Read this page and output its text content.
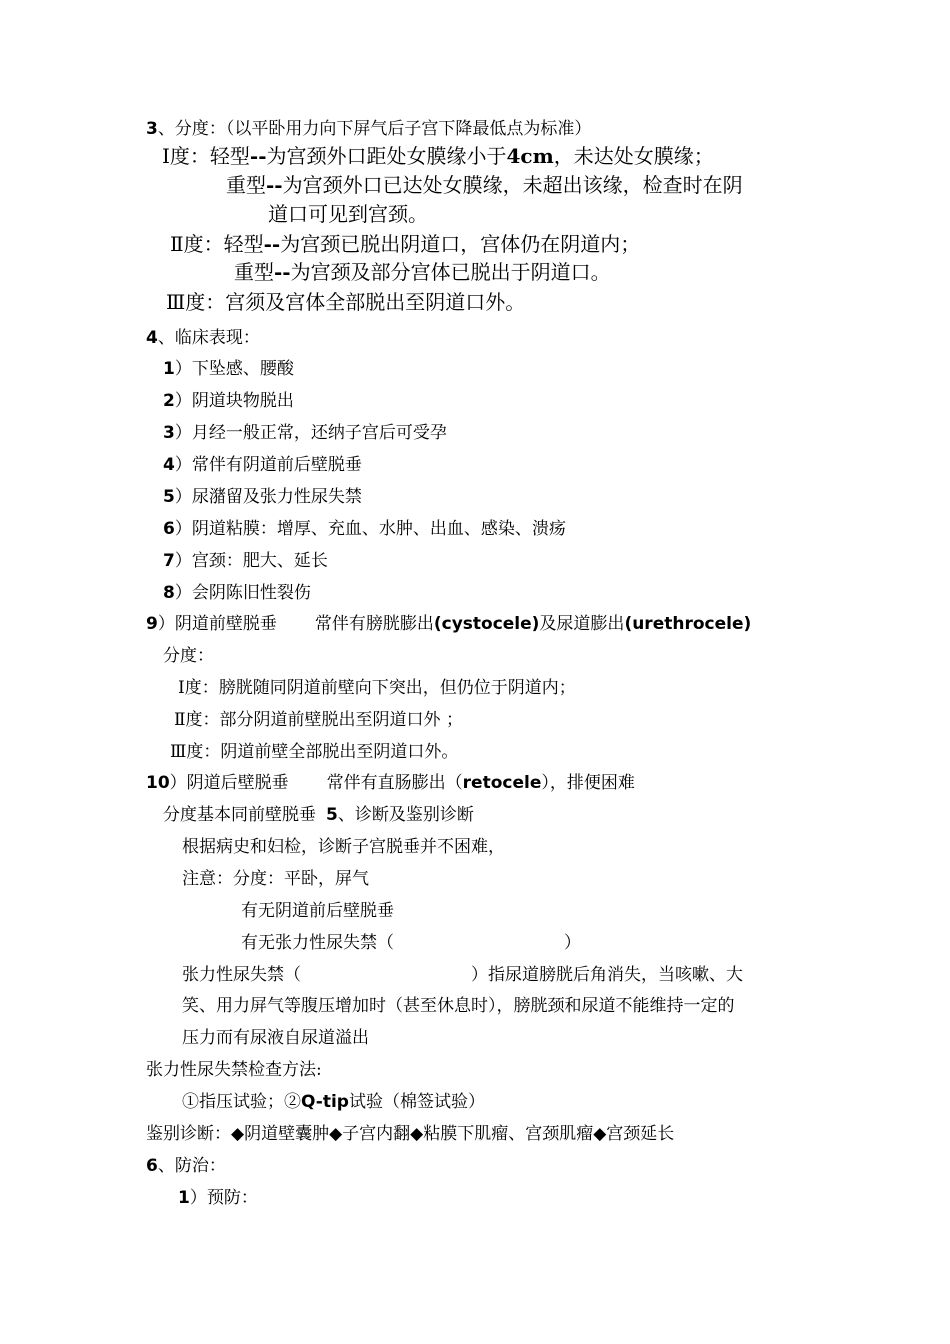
3、分度：（以平卧用力向下屏气后子宫下降最低点为标准）
Ⅰ度：轻型--为宫颈外口距处女膜缘小于4cm，未达处女膜缘；
重型--为宫颈外口已达处女膜缘，未超出该缘，检查时在阴
道口可见到宫颈。
Ⅱ度：轻型--为宫颈已脱出阴道口，宫体仍在阴道内；
重型--为宫颈及部分宫体已脱出于阴道口。
Ⅲ度：宫须及宫体全部脱出至阴道口外。
4、临床表现：
1）下坠感、腰酸
2）阴道块物脱出
3）月经一般正常，还纳子宫后可受孕
4）常伴有阴道前后壁脱垂
5）尿潴留及张力性尿失禁
6）阴道粘膜：增厚、充血、水肿、出血、感染、溃疡
7）宫颈：肥大、延长
8）会阴陈旧性裂伤
9）阴道前壁脱垂 常伴有膀胱膨出(cystocele)及尿道膨出(urethrocele)
分度：
Ⅰ度：膀胱随同阴道前壁向下突出，但仍位于阴道内；
Ⅱ度：部分阴道前壁脱出至阴道口外 ；
Ⅲ度：阴道前壁全部脱出至阴道口外。
10）阴道后壁脱垂 常伴有直肠膨出（retocele），排便困难
分度基本同前壁脱垂 5、诊断及鉴别诊断
根据病史和妇检，诊断子宫脱垂并不困难，
注意：分度：平卧，屏气
有无阴道前后壁脱垂
有无张力性尿失禁（	）
张力性尿失禁（	）指尿道膀胱后角消失，当咳嗽、大
笑、用力屏气等腹压增加时（甚至休息时），膀胱颈和尿道不能维持一定的
压力而有尿液自尿道溢出
张力性尿失禁检查方法:
①指压试验；②Q-tip试验（棉签试验）
鉴别诊断：◆阴道壁囊肿◆子宫内翻◆粘膜下肌瘤、宫颈肌瘤◆宫颈延长
6、防治：
1）预防：
